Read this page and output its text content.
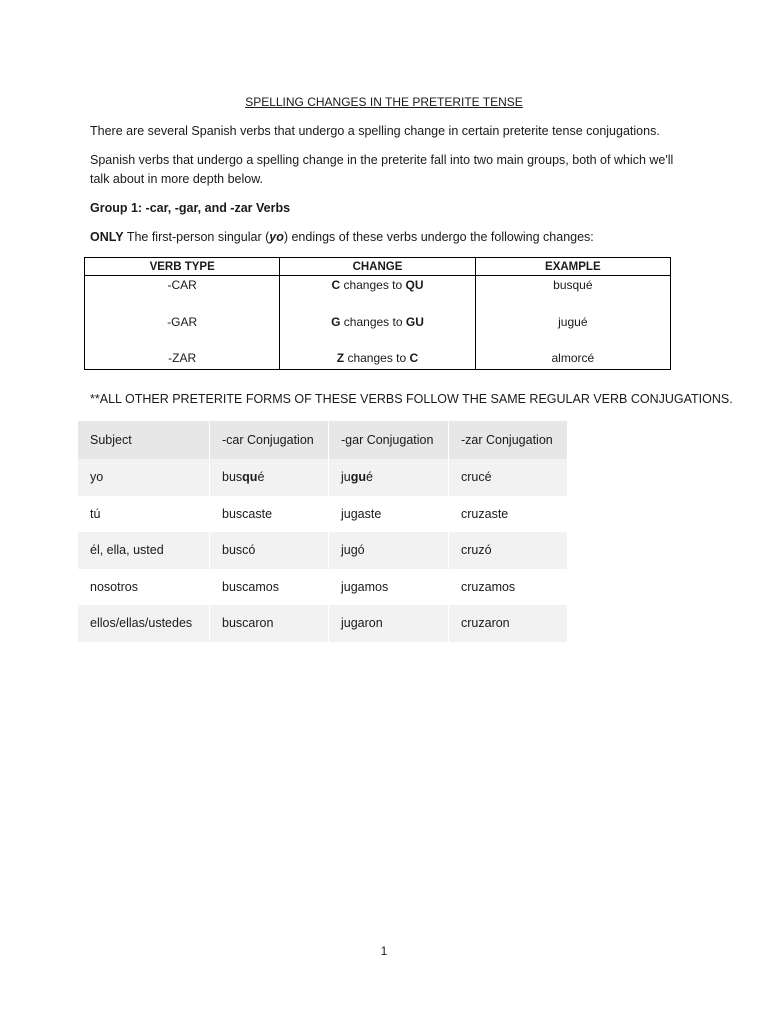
SPELLING CHANGES IN THE PRETERITE TENSE
There are several Spanish verbs that undergo a spelling change in certain preterite tense conjugations.
Spanish verbs that undergo a spelling change in the preterite fall into two main groups, both of which we'll talk about in more depth below.
Group 1: -car, -gar, and -zar Verbs
ONLY The first-person singular (yo) endings of these verbs undergo the following changes:
VERB TYPE	CHANGE	EXAMPLE
-CAR	C changes to QU	busqué
-GAR	G changes to GU	jugué
-ZAR	Z changes to C	almorcé
**ALL OTHER PRETERITE FORMS OF THESE VERBS FOLLOW THE SAME REGULAR VERB CONJUGATIONS.
Subject	-car Conjugation	-gar Conjugation	-zar Conjugation
yo	busqué	jugué	crucé
tú	buscaste	jugaste	cruzaste
él, ella, usted	buscó	jugó	cruzó
nosotros	buscamos	jugamos	cruzamos
ellos/ellas/ustedes	buscaron	jugaron	cruzaron
1
